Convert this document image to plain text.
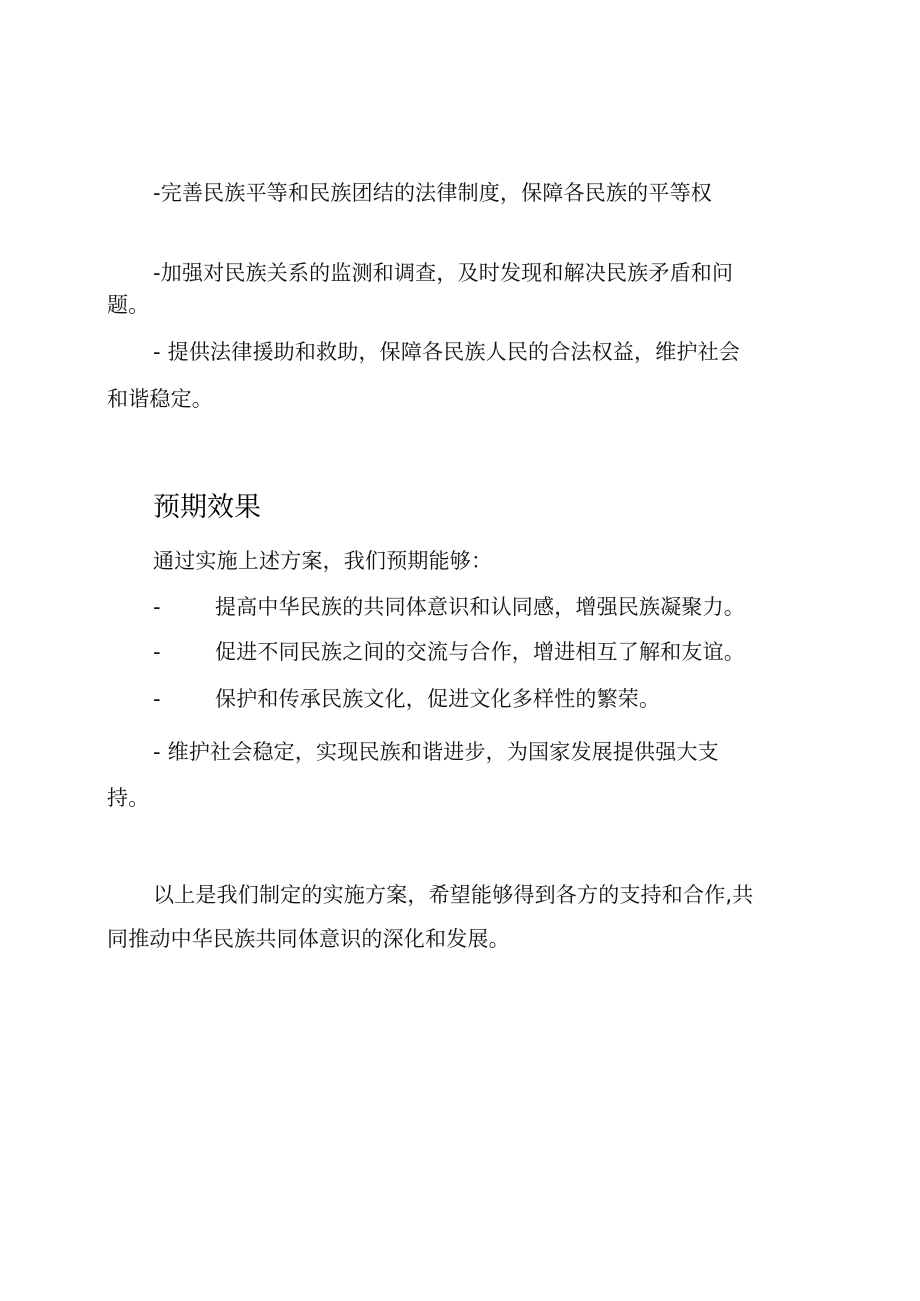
-完善民族平等和民族团结的法律制度，保障各民族的平等权
-加强对民族关系的监测和调查，及时发现和解决民族矛盾和问
题。
- 提供法律援助和救助，保障各民族人民的合法权益，维护社会
和谐稳定。
预期效果
通过实施上述方案，我们预期能够：
-	提高中华民族的共同体意识和认同感，增强民族凝聚力。
-	促进不同民族之间的交流与合作，增进相互了解和友谊。
-	保护和传承民族文化，促进文化多样性的繁荣。
- 维护社会稳定，实现民族和谐进步，为国家发展提供强大支
持。
以上是我们制定的实施方案，希望能够得到各方的支持和合作,共
同推动中华民族共同体意识的深化和发展。
